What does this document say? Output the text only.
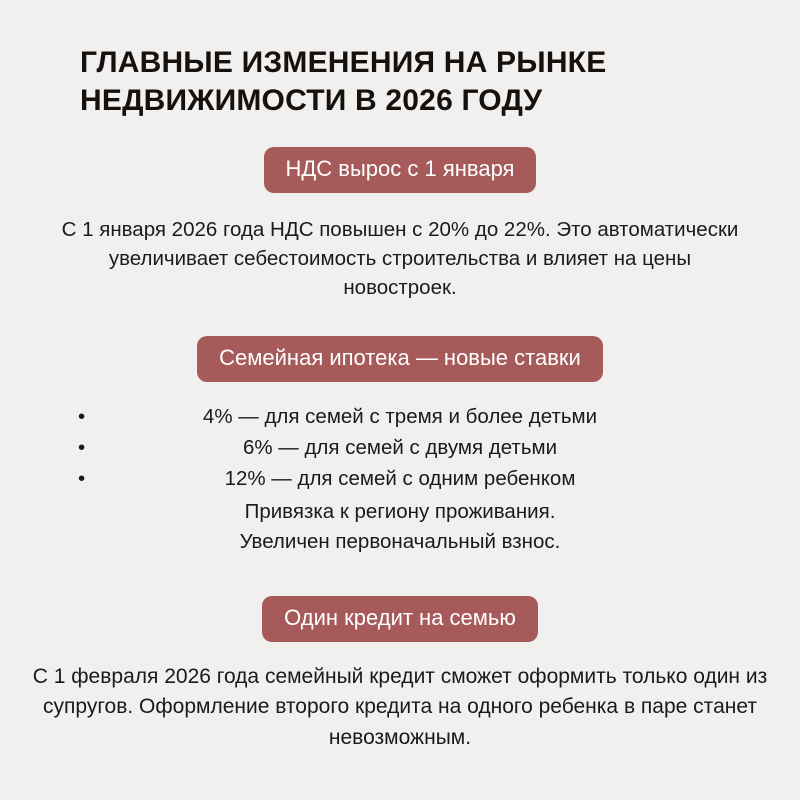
ГЛАВНЫЕ ИЗМЕНЕНИЯ НА РЫНКЕ НЕДВИЖИМОСТИ В 2026 ГОДУ
НДС вырос с 1 января

С 1 января 2026 года НДС повышен с 20% до 22%. Это автоматически увеличивает себестоимость строительства и влияет на цены новостроек.

Семейная ипотека — новые ставки
•	4% — для семей с тремя и более детьми
•	6% — для семей с двумя детьми
•	12% — для семей с одним ребенком
Привязка к региону проживания.
Увеличен первоначальный взнос.
Один кредит на семью

С 1 февраля 2026 года семейный кредит сможет оформить только один из супругов. Оформление второго кредита на одного ребенка в паре станет невозможным.
